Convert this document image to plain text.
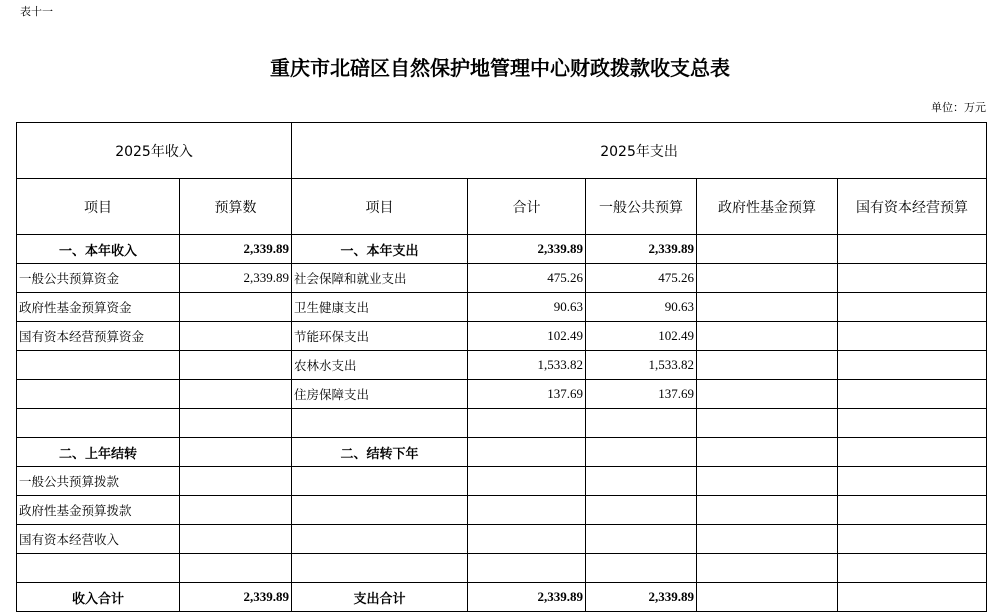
表十一
重庆市北碚区自然保护地管理中心财政拨款收支总表
单位：万元
2025年收入		2025年支出				
项目	预算数	项目	合计	一般公共预算	政府性基金预算	国有资本经营预算
一、本年收入	2,339.89	一、本年支出	2,339.89	2,339.89		
一般公共预算资金	2,339.89	社会保障和就业支出	475.26	475.26		
政府性基金预算资金		卫生健康支出	90.63	90.63		
国有资本经营预算资金		节能环保支出	102.49	102.49		
		农林水支出	1,533.82	1,533.82		
		住房保障支出	137.69	137.69		

二、上年结转		二、结转下年				
一般公共预算拨款						
政府性基金预算拨款						
国有资本经营收入						

收入合计	2,339.89	支出合计	2,339.89	2,339.89		
